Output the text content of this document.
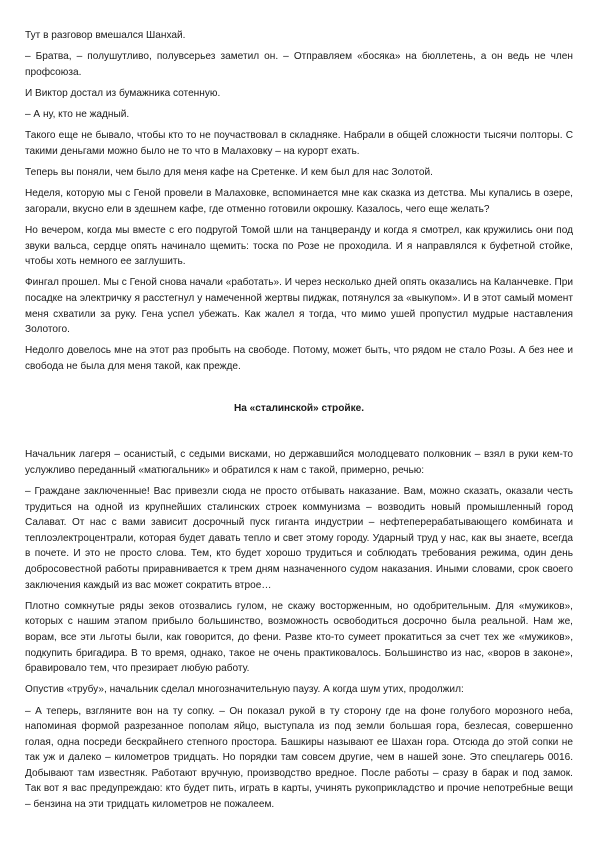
Тут в разговор вмешался Шанхай.

– Братва, – полушутливо, полувсерьез заметил он. – Отправляем «босяка» на бюллетень, а он ведь не член профсоюза.

И Виктор достал из бумажника сотенную.

– А ну, кто не жадный.

Такого еще не бывало, чтобы кто то не поучаствовал в складняке. Набрали в общей сложности тысячи полторы. С такими деньгами можно было не то что в Малаховку – на курорт ехать.

Теперь вы поняли, чем было для меня кафе на Сретенке. И кем был для нас Золотой.

Неделя, которую мы с Геной провели в Малаховке, вспоминается мне как сказка из детства. Мы купались в озере, загорали, вкусно ели в здешнем кафе, где отменно готовили окрошку. Казалось, чего еще желать?

Но вечером, когда мы вместе с его подругой Томой шли на танцверанду и когда я смотрел, как кружились они под звуки вальса, сердце опять начинало щемить: тоска по Розе не проходила. И я направлялся к буфетной стойке, чтобы хоть немного ее заглушить.

Фингал прошел. Мы с Геной снова начали «работать». И через несколько дней опять оказались на Каланчевке. При посадке на электричку я расстегнул у намеченной жертвы пиджак, потянулся за «выкупом». И в этот самый момент меня схватили за руку. Гена успел убежать. Как жалел я тогда, что мимо ушей пропустил мудрые наставления Золотого.

Недолго довелось мне на этот раз пробыть на свободе. Потому, может быть, что рядом не стало Розы. А без нее и свобода не была для меня такой, как прежде.

На «сталинской» стройке.

Начальник лагеря – осанистый, с седыми висками, но державшийся молодцевато полковник – взял в руки кем-то услужливо переданный «матюгальник» и обратился к нам с такой, примерно, речью:

– Граждане заключенные! Вас привезли сюда не просто отбывать наказание. Вам, можно сказать, оказали честь трудиться на одной из крупнейших сталинских строек коммунизма – возводить новый промышленный город Салават. От нас с вами зависит досрочный пуск гиганта индустрии – нефтеперерабатывающего комбината и теплоэлектроцентрали, которая будет давать тепло и свет этому городу. Ударный труд у нас, как вы знаете, всегда в почете. И это не просто слова. Тем, кто будет хорошо трудиться и соблюдать требования режима, один день добросовестной работы приравнивается к трем дням назначенного судом наказания. Иными словами, срок своего заключения каждый из вас может сократить втрое…

Плотно сомкнутые ряды зеков отозвались гулом, не скажу восторженным, но одобрительным. Для «мужиков», которых с нашим этапом прибыло большинство, возможность освободиться досрочно была реальной. Нам же, ворам, все эти льготы были, как говорится, до фени. Разве кто-то сумеет прокатиться за счет тех же «мужиков», подкупить бригадира. В то время, однако, такое не очень практиковалось. Большинство из нас, «воров в законе», бравировало тем, что презирает любую работу.

Опустив «трубу», начальник сделал многозначительную паузу. А когда шум утих, продолжил:

– А теперь, взгляните вон на ту сопку. – Он показал рукой в ту сторону где на фоне голубого морозного неба, напоминая формой разрезанное пополам яйцо, выступала из под земли большая гора, безлесая, совершенно голая, одна посреди бескрайнего степного простора. Башкиры называют ее Шахан гора. Отсюда до этой сопки не так уж и далеко – километров тридцать. Но порядки там совсем другие, чем в нашей зоне. Это спецлагерь 0016. Добывают там известняк. Работают вручную, производство вредное. После работы – сразу в барак и под замок. Так вот я вас предупреждаю: кто будет пить, играть в карты, учинять рукоприкладство и прочие непотребные вещи – бензина на эти тридцать километров не пожалеем.
